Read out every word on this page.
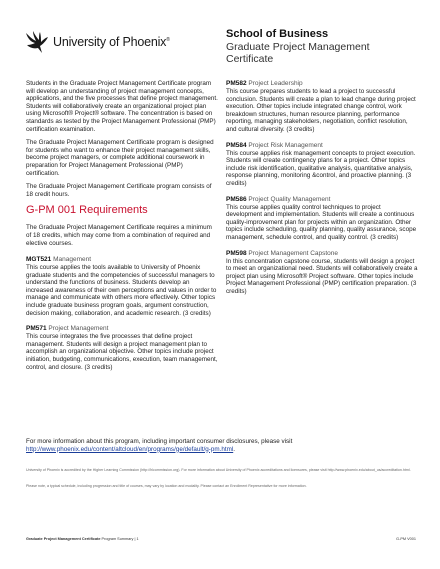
University of Phoenix®	School of Business
Graduate Project Management Certificate

Students in the Graduate Project Management Certificate program will develop an understanding of project management concepts, applications, and the five processes that define project management. Students will collaboratively create an organizational project plan using Microsoft® Project® software. The concentration is based on standards as tested by the Project Management Professional (PMP) certification examination.

The Graduate Project Management Certificate program is designed for students who want to enhance their project management skills, become project managers, or complete additional coursework in preparation for Project Management Professional (PMP) certification.

The Graduate Project Management Certificate program consists of 18 credit hours.

G-PM 001 Requirements

The Graduate Project Management Certificate requires a minimum of 18 credits, which may come from a combination of required and elective courses.

MGT521 Management
This course applies the tools available to University of Phoenix graduate students and the competencies of successful managers to understand the functions of business. Students develop an increased awareness of their own perceptions and values in order to manage and communicate with others more effectively. Other topics include graduate business program goals, argument construction, decision making, collaboration, and academic research. (3 credits)
PM571 Project Management
This course integrates the five processes that define project management. Students will design a project management plan to accomplish an organizational objective. Other topics include project initiation, budgeting, communications, execution, team management, control, and closure. (3 credits)
PM582 Project Leadership
This course prepares students to lead a project to successful conclusion. Students will create a plan to lead change during project execution. Other topics include integrated change control, work breakdown structures, human resource planning, performance reporting, managing stakeholders, negotiation, conflict resolution, and cultural diversity. (3 credits)
PM584 Project Risk Management
This course applies risk management concepts to project execution. Students will create contingency plans for a project. Other topics include risk identification, qualitative analysis, quantitative analysis, response planning, monitoring &control, and proactive planning. (3 credits)
PM586 Project Quality Management
This course applies quality control techniques to project development and implementation. Students will create a continuous quality-improvement plan for projects within an organization. Other topics include scheduling, quality planning, quality assurance, scope management, schedule control, and quality control. (3 credits)
PM598 Project Management Capstone
In this concentration capstone course, students will design a project to meet an organizational need. Students will collaboratively create a project plan using Microsoft® Project software. Other topics include Project Management Professional (PMP) certification preparation. (3 credits)
For more information about this program, including important consumer disclosures, please visit
http://www.phoenix.edu/content/altcloud/en/programs/ge/default/g-pm.html.
University of Phoenix is accredited by the Higher Learning Commission (http://hlcommission.org). For more information about University of Phoenix accreditations and licensures, please visit http://www.phoenix.edu/about_us/accreditation.html.
Please note, a typical schedule, including progression and title of courses, may vary by location and modality. Please contact an Enrollment Representative for more information.
Graduate Project Management Certificate Program Summary | 1	G-PM V001
